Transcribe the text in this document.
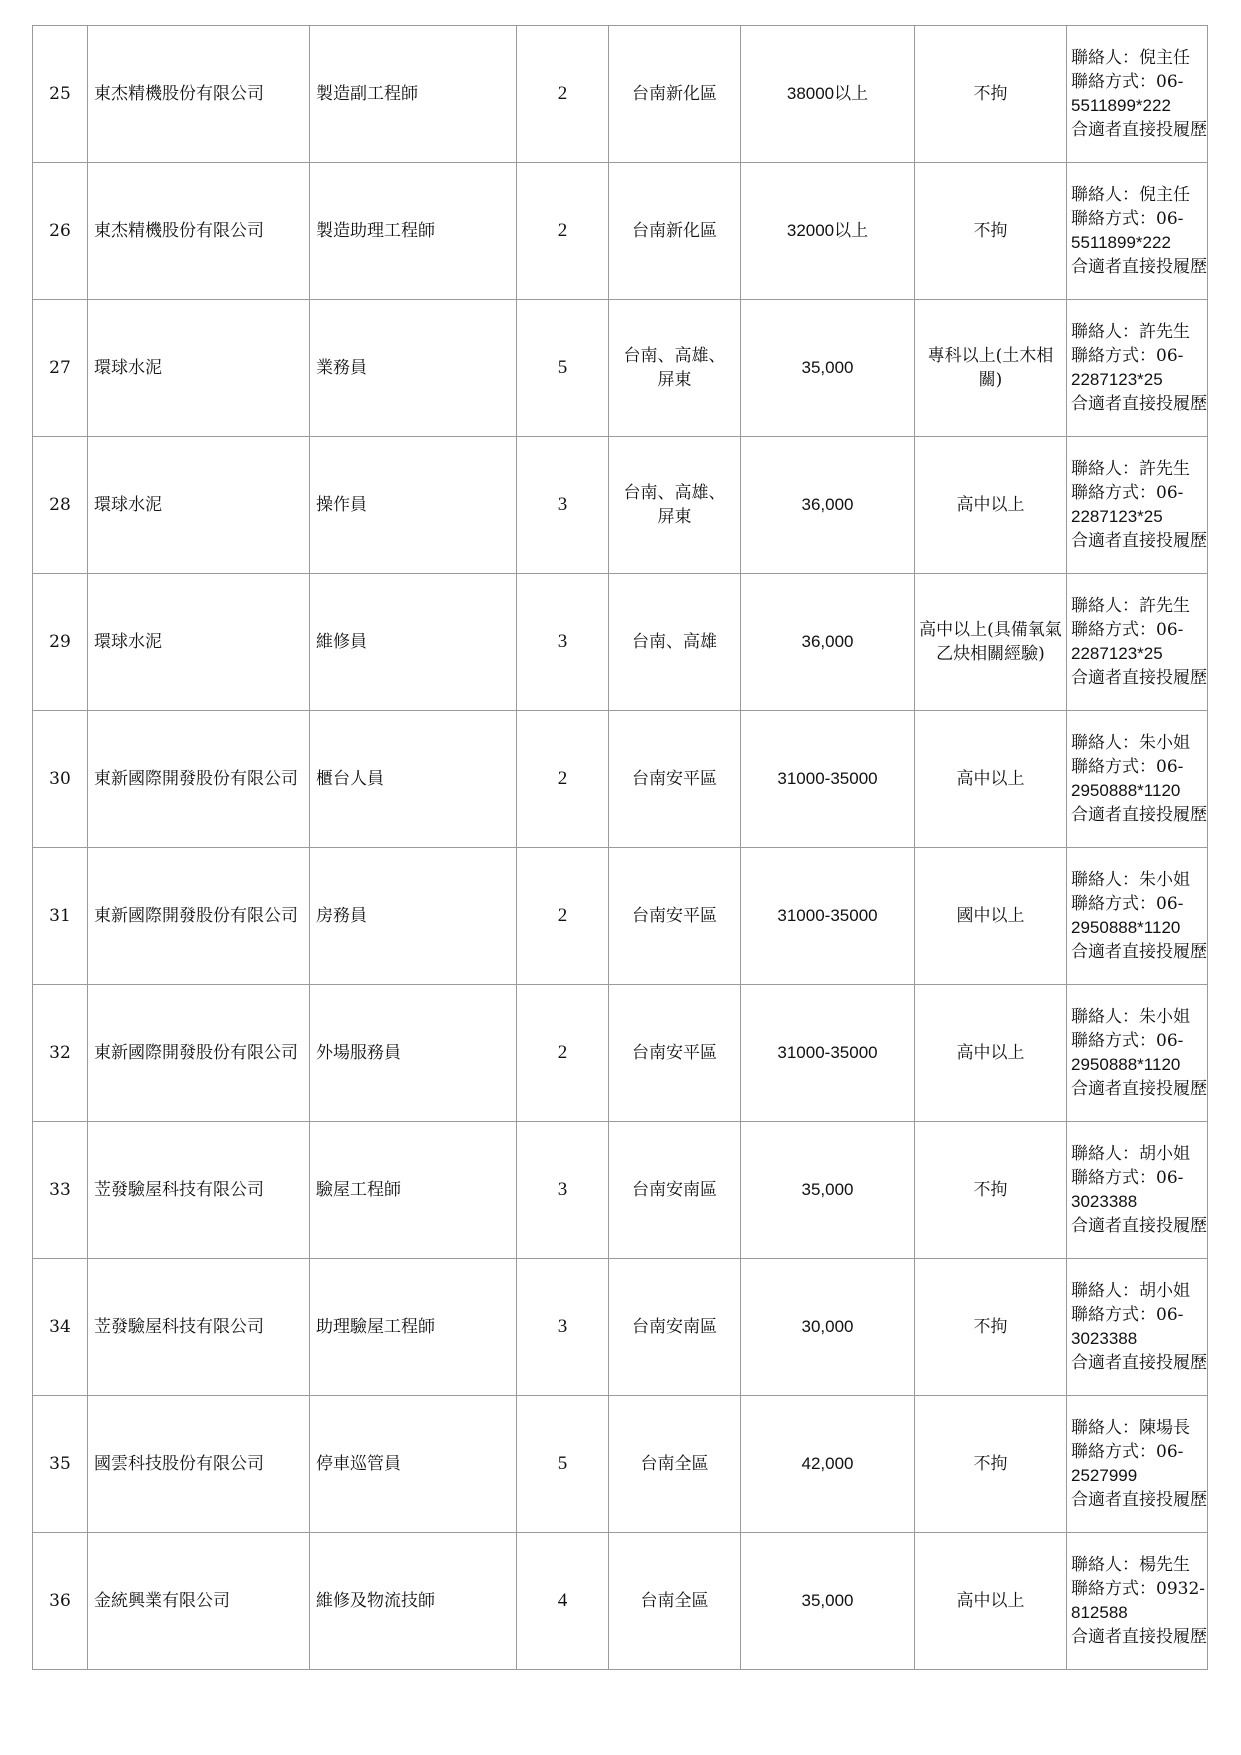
25	東杰精機股份有限公司	製造副工程師	2	台南新化區	38000以上	不拘	聯絡人：倪主任
聯絡方式：06-
5511899*222
合適者直接投履歷

26	東杰精機股份有限公司	製造助理工程師	2	台南新化區	32000以上	不拘	聯絡人：倪主任
聯絡方式：06-
5511899*222
合適者直接投履歷

27	環球水泥	業務員	5	台南、高雄、屏東	35,000	專科以上(土木相關)	聯絡人：許先生
聯絡方式：06-
2287123*25
合適者直接投履歷

28	環球水泥	操作員	3	台南、高雄、屏東	36,000	高中以上	聯絡人：許先生
聯絡方式：06-
2287123*25
合適者直接投履歷

29	環球水泥	維修員	3	台南、高雄	36,000	高中以上(具備氧氣乙炔相關經驗)	聯絡人：許先生
聯絡方式：06-
2287123*25
合適者直接投履歷

30	東新國際開發股份有限公司	櫃台人員	2	台南安平區	31000-35000	高中以上	聯絡人：朱小姐
聯絡方式：06-
2950888*1120
合適者直接投履歷

31	東新國際開發股份有限公司	房務員	2	台南安平區	31000-35000	國中以上	聯絡人：朱小姐
聯絡方式：06-
2950888*1120
合適者直接投履歷

32	東新國際開發股份有限公司	外場服務員	2	台南安平區	31000-35000	高中以上	聯絡人：朱小姐
聯絡方式：06-
2950888*1120
合適者直接投履歷

33	苙發驗屋科技有限公司	驗屋工程師	3	台南安南區	35,000	不拘	聯絡人：胡小姐
聯絡方式：06-
3023388
合適者直接投履歷

34	苙發驗屋科技有限公司	助理驗屋工程師	3	台南安南區	30,000	不拘	聯絡人：胡小姐
聯絡方式：06-
3023388
合適者直接投履歷

35	國雲科技股份有限公司	停車巡管員	5	台南全區	42,000	不拘	聯絡人：陳場長
聯絡方式：06-
2527999
合適者直接投履歷

36	金統興業有限公司	維修及物流技師	4	台南全區	35,000	高中以上	聯絡人：楊先生
聯絡方式：0932-
812588
合適者直接投履歷
